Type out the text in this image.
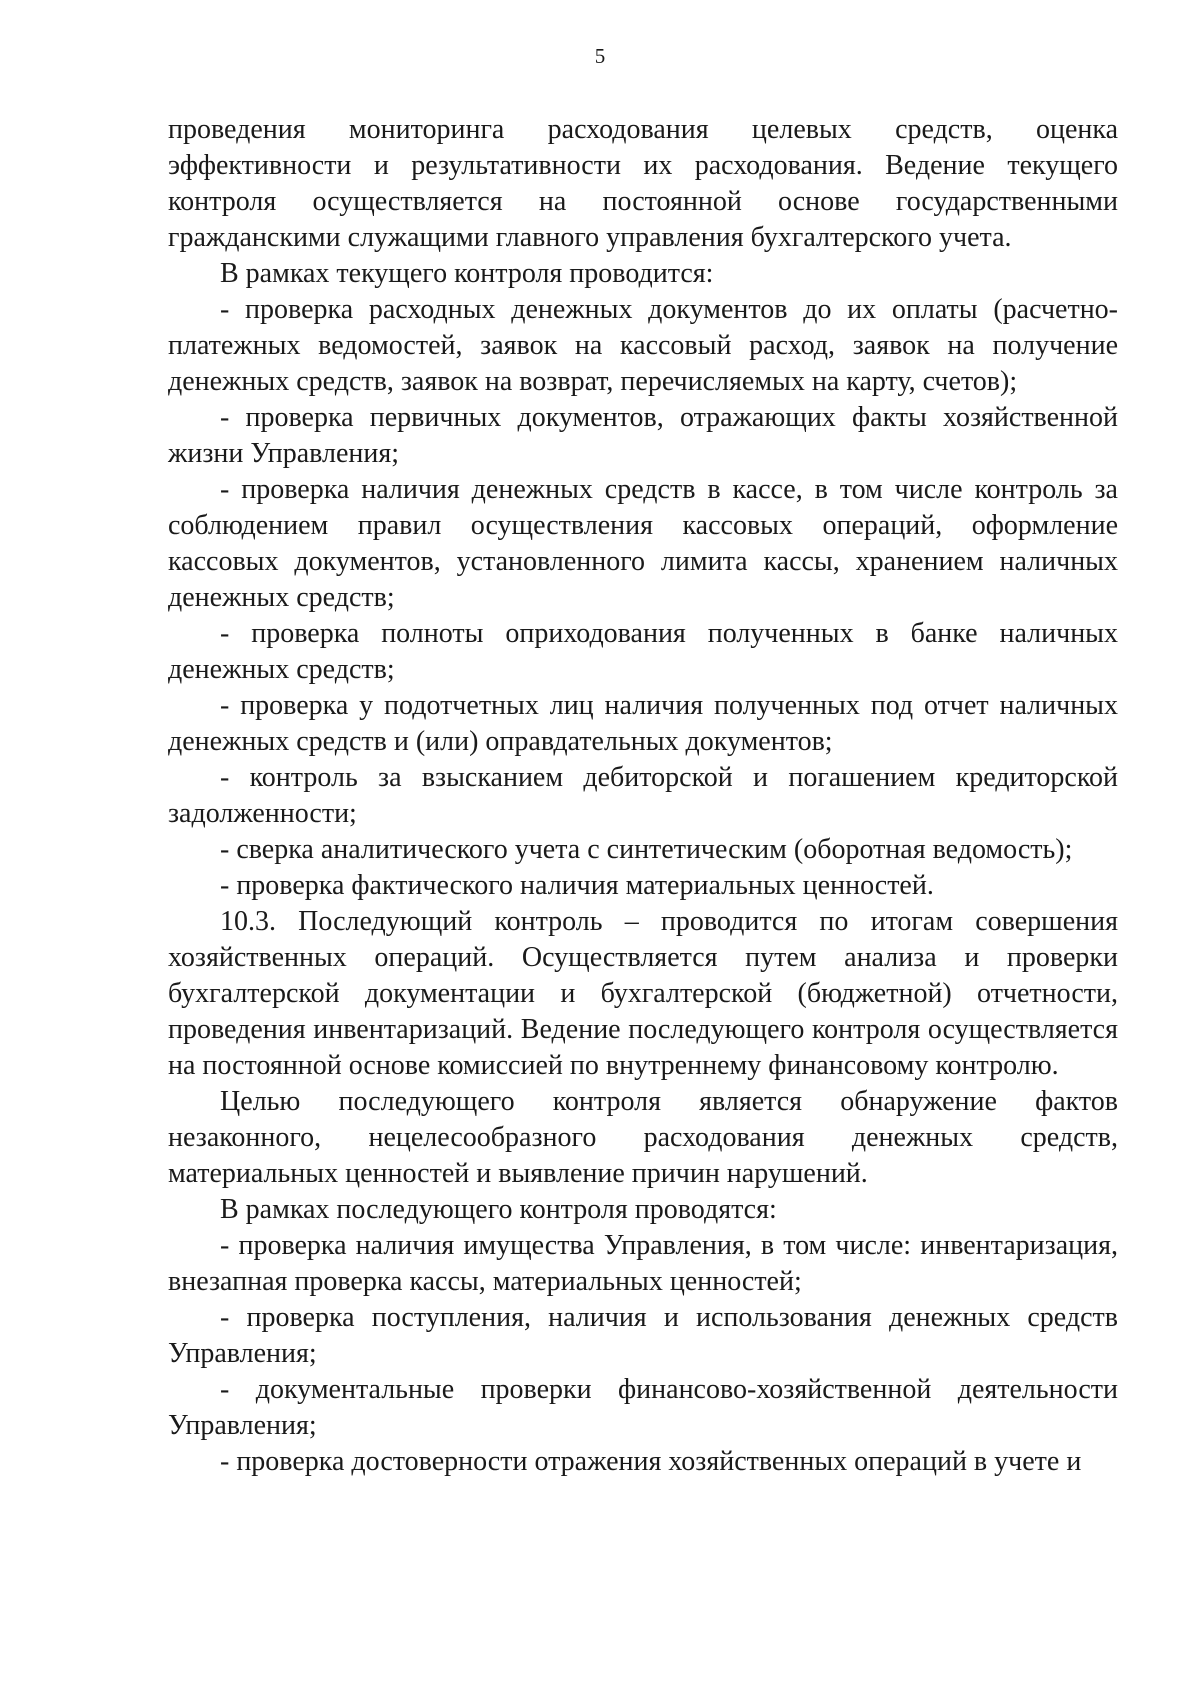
5

проведения мониторинга расходования целевых средств, оценка эффективности и результативности их расходования. Ведение текущего контроля осуществляется на постоянной основе государственными гражданскими служащими главного управления бухгалтерского учета.

В рамках текущего контроля проводится:

- проверка расходных денежных документов до их оплаты (расчетно-платежных ведомостей, заявок на кассовый расход, заявок на получение денежных средств, заявок на возврат, перечисляемых на карту, счетов);

- проверка первичных документов, отражающих факты хозяйственной жизни Управления;

- проверка наличия денежных средств в кассе, в том числе контроль за соблюдением правил осуществления кассовых операций, оформление кассовых документов, установленного лимита кассы, хранением наличных денежных средств;

- проверка полноты оприходования полученных в банке наличных денежных средств;

- проверка у подотчетных лиц наличия полученных под отчет наличных денежных средств и (или) оправдательных документов;

- контроль за взысканием дебиторской и погашением кредиторской задолженности;

- сверка аналитического учета с синтетическим (оборотная ведомость);

- проверка фактического наличия материальных ценностей.

10.3. Последующий контроль – проводится по итогам совершения хозяйственных операций. Осуществляется путем анализа и проверки бухгалтерской документации и бухгалтерской (бюджетной) отчетности, проведения инвентаризаций. Ведение последующего контроля осуществляется на постоянной основе комиссией по внутреннему финансовому контролю.

Целью последующего контроля является обнаружение фактов незаконного, нецелесообразного расходования денежных средств, материальных ценностей и выявление причин нарушений.

В рамках последующего контроля проводятся:

- проверка наличия имущества Управления, в том числе: инвентаризация, внезапная проверка кассы, материальных ценностей;

- проверка поступления, наличия и использования денежных средств Управления;

- документальные проверки финансово-хозяйственной деятельности Управления;

- проверка достоверности отражения хозяйственных операций в учете и
